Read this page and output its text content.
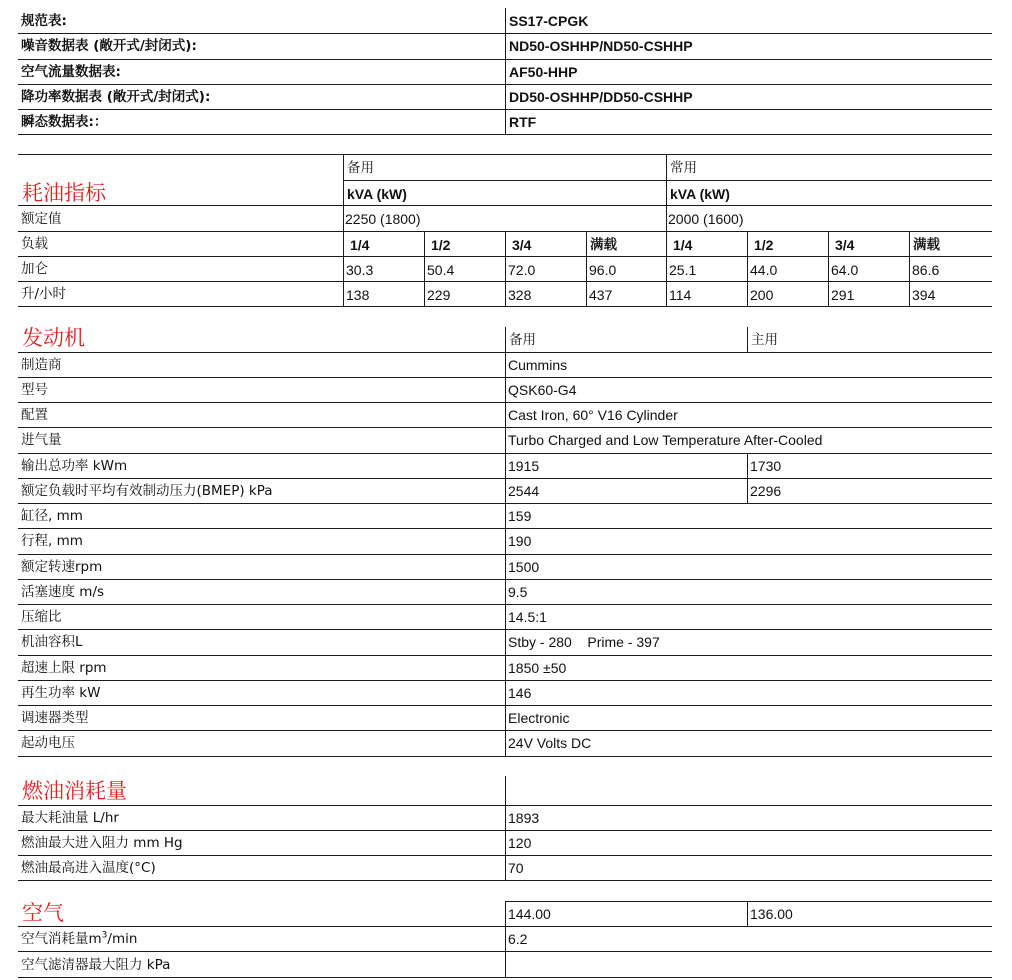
规范表:	SS17-CPGK
噪音数据表 (敞开式/封闭式):	ND50-OSHHP/ND50-CSHHP
空气流量数据表:	AF50-HHP
降功率数据表 (敞开式/封闭式):	DD50-OSHHP/DD50-CSHHP
瞬态数据表:：	RTF
耗油指标
备用	常用
kVA (kW)	kVA (kW)
额定值	2250 (1800)	2000 (1600)
负载	1/4	1/2	3/4	满载	1/4	1/2	3/4	满载
加仑	30.3	50.4	72.0	96.0	25.1	44.0	64.0	86.6
升/小时	138	229	328	437	114	200	291	394
发动机	备用	主用
制造商	Cummins
型号	QSK60-G4
配置	Cast Iron, 60° V16 Cylinder
进气量	Turbo Charged and Low Temperature After-Cooled
输出总功率 kWm	1915	1730
额定负载时平均有效制动压力(BMEP) kPa	2544	2296
缸径, mm	159
行程, mm	190
额定转速rpm	1500
活塞速度 m/s	9.5
压缩比	14.5:1
机油容积L	Stby - 280    Prime - 397
超速上限 rpm	1850 ±50
再生功率 kW	146
调速器类型	Electronic
起动电压	24V Volts DC
燃油消耗量
最大耗油量 L/hr	1893
燃油最大进入阻力 mm Hg	120
燃油最高进入温度(°C)	70
空气	144.00	136.00
空气消耗量$m^3/\min$	6.2
空气滤清器最大阻力 kPa
